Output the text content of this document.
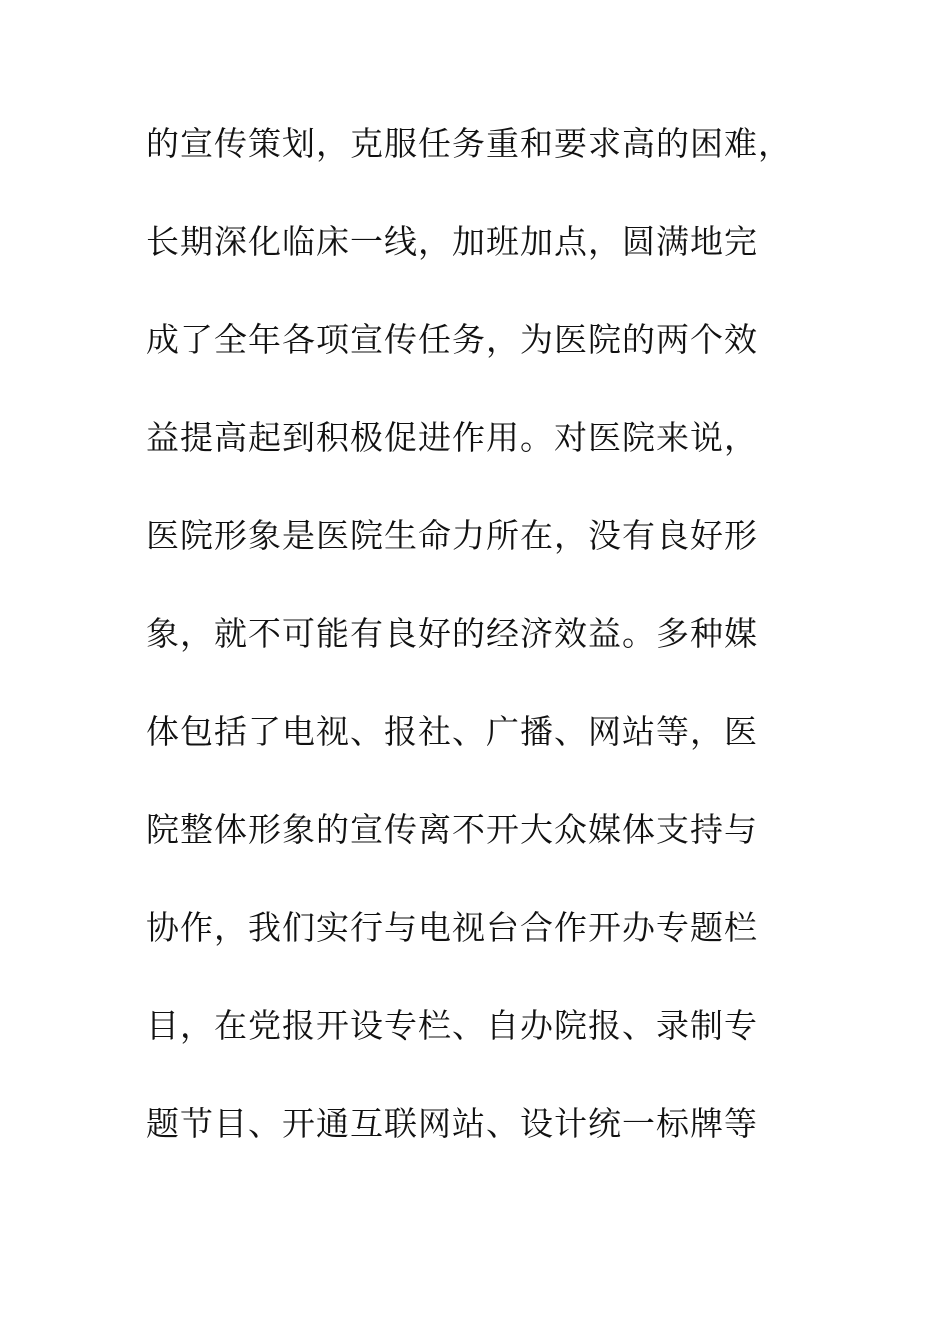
的宣传策划，克服任务重和要求高的困难，
长期深化临床一线，加班加点，圆满地完
成了全年各项宣传任务，为医院的两个效
益提高起到积极促进作用。对医院来说，
医院形象是医院生命力所在，没有良好形
象，就不可能有良好的经济效益。多种媒
体包括了电视、报社、广播、网站等，医
院整体形象的宣传离不开大众媒体支持与
协作，我们实行与电视台合作开办专题栏
目，在党报开设专栏、自办院报、录制专
题节目、开通互联网站、设计统一标牌等
